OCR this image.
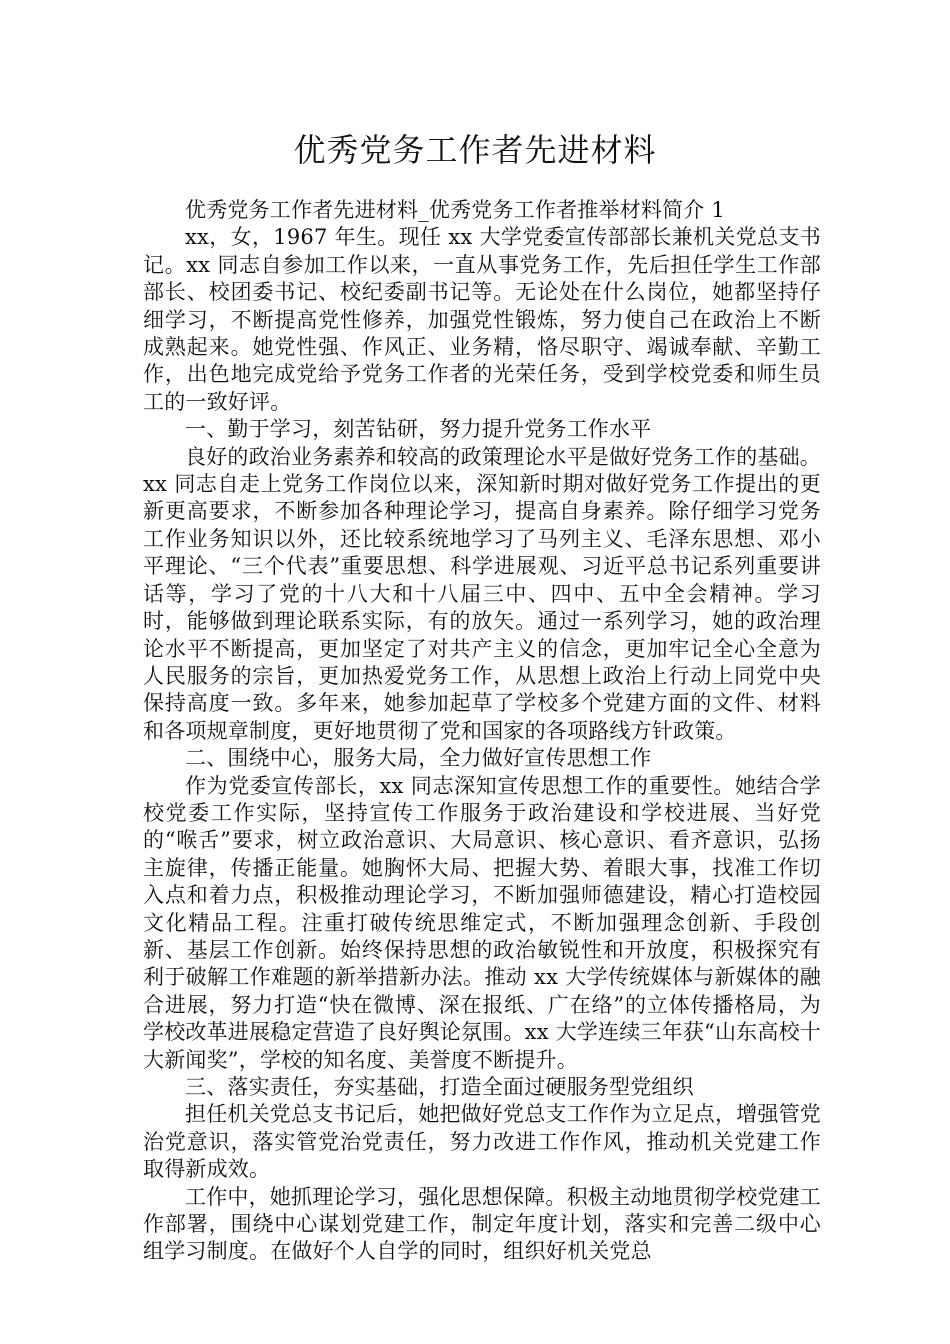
优秀党务工作者先进材料

优秀党务工作者先进材料_优秀党务工作者推举材料简介 1

xx，女，1967 年生。现任 xx 大学党委宣传部部长兼机关党总支书记。xx 同志自参加工作以来，一直从事党务工作，先后担任学生工作部部长、校团委书记、校纪委副书记等。无论处在什么岗位，她都坚持仔细学习，不断提高党性修养，加强党性锻炼，努力使自己在政治上不断成熟起来。她党性强、作风正、业务精，恪尽职守、竭诚奉献、辛勤工作，出色地完成党给予党务工作者的光荣任务，受到学校党委和师生员工的一致好评。

一、勤于学习，刻苦钻研，努力提升党务工作水平

良好的政治业务素养和较高的政策理论水平是做好党务工作的基础。xx 同志自走上党务工作岗位以来，深知新时期对做好党务工作提出的更新更高要求，不断参加各种理论学习，提高自身素养。除仔细学习党务工作业务知识以外，还比较系统地学习了马列主义、毛泽东思想、邓小平理论、“三个代表”重要思想、科学进展观、习近平总书记系列重要讲话等，学习了党的十八大和十八届三中、四中、五中全会精神。学习时，能够做到理论联系实际，有的放矢。通过一系列学习，她的政治理论水平不断提高，更加坚定了对共产主义的信念，更加牢记全心全意为人民服务的宗旨，更加热爱党务工作，从思想上政治上行动上同党中央保持高度一致。多年来，她参加起草了学校多个党建方面的文件、材料和各项规章制度，更好地贯彻了党和国家的各项路线方针政策。

二、围绕中心，服务大局，全力做好宣传思想工作

作为党委宣传部长，xx 同志深知宣传思想工作的重要性。她结合学校党委工作实际，坚持宣传工作服务于政治建设和学校进展、当好党的“喉舌”要求，树立政治意识、大局意识、核心意识、看齐意识，弘扬主旋律，传播正能量。她胸怀大局、把握大势、着眼大事，找准工作切入点和着力点，积极推动理论学习，不断加强师德建设，精心打造校园文化精品工程。注重打破传统思维定式，不断加强理念创新、手段创新、基层工作创新。始终保持思想的政治敏锐性和开放度，积极探究有利于破解工作难题的新举措新办法。推动 xx 大学传统媒体与新媒体的融合进展，努力打造“快在微博、深在报纸、广在络”的立体传播格局，为学校改革进展稳定营造了良好舆论氛围。xx 大学连续三年获“山东高校十大新闻奖”，学校的知名度、美誉度不断提升。

三、落实责任，夯实基础，打造全面过硬服务型党组织

担任机关党总支书记后，她把做好党总支工作作为立足点，增强管党治党意识，落实管党治党责任，努力改进工作作风，推动机关党建工作取得新成效。

工作中，她抓理论学习，强化思想保障。积极主动地贯彻学校党建工作部署，围绕中心谋划党建工作，制定年度计划，落实和完善二级中心组学习制度。在做好个人自学的同时，组织好机关党总
